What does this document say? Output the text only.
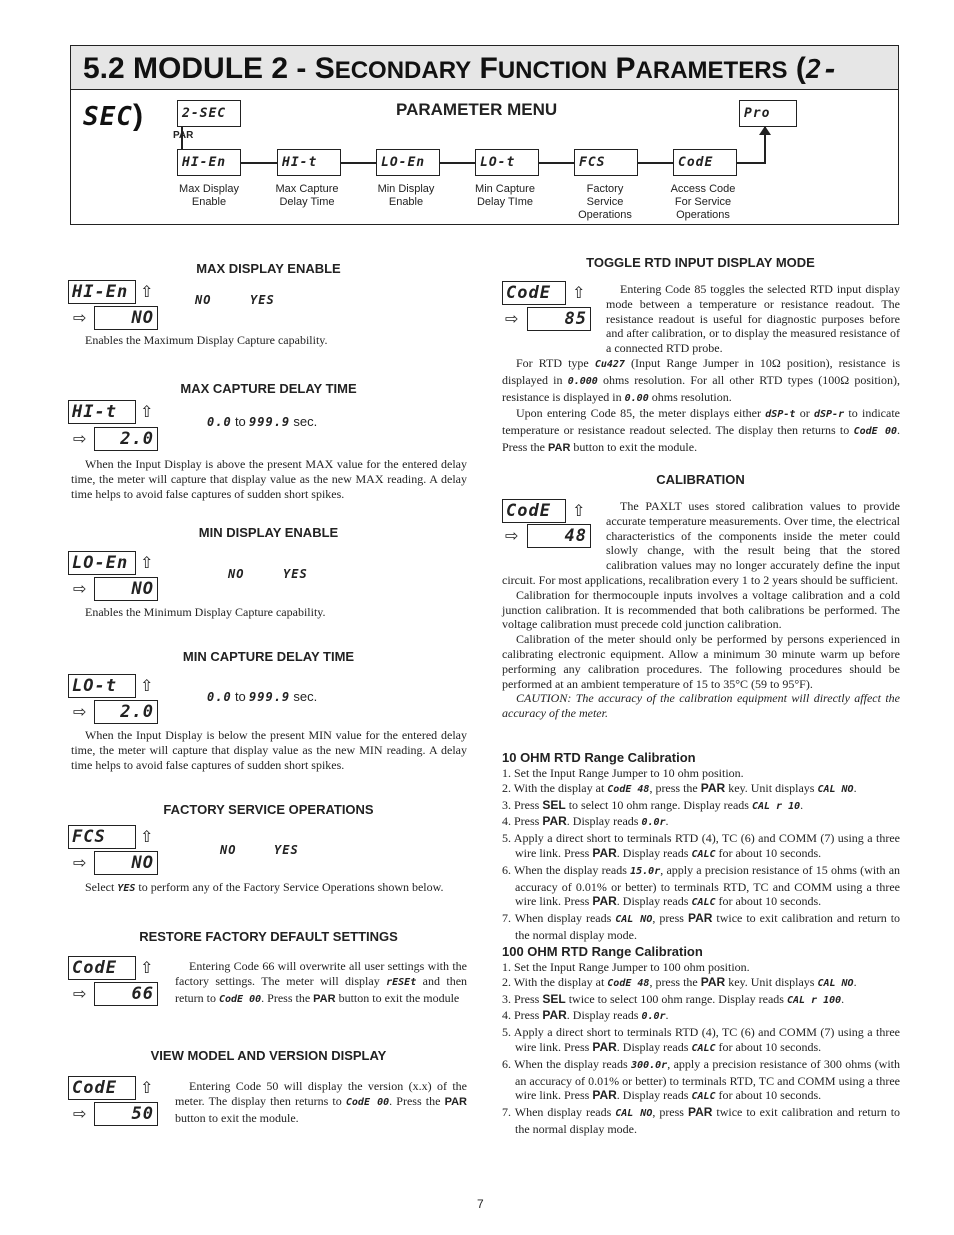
5.2 MODULE 2 - SECONDARY FUNCTION PARAMETERS (2-SEC)	PARAMETER MENU
2-SEC
PAR
Pro
HI-En	HI-t	LO-En	LO-t	FCS	CodE
Max Display
Enable
Max Capture
Delay Time
Min Display
Enable
Min Capture
Delay TIme
Factory
Service
Operations
Access Code
For Service
Operations
MAX DISPLAY ENABLE
HI-En ⇧
⇨	NO
NO	YES
Enables the Maximum Display Capture capability.
MAX CAPTURE DELAY TIME
HI-t	⇧
⇨	2.0
0.0 to 999.9 sec.
When the Input Display is above the present MAX value for the entered delay time, the meter will capture that display value as the new MAX reading. A delay time helps to avoid false captures of sudden short spikes.
MIN DISPLAY ENABLE
LO-En ⇧
⇨	NO
NO	YES
Enables the Minimum Display Capture capability.
MIN CAPTURE DELAY TIME
LO-t	⇧
⇨	2.0
0.0 to 999.9 sec.
When the Input Display is below the present MIN value for the entered delay time, the meter will capture that display value as the new MIN reading. A delay time helps to avoid false captures of sudden short spikes.
FACTORY SERVICE OPERATIONS
FCS	⇧
⇨	NO
NO	YES
Select YES to perform any of the Factory Service Operations shown below.
RESTORE FACTORY DEFAULT SETTINGS
CodE	⇧
⇨	66
Entering Code 66 will overwrite all user settings with the factory settings. The meter will display rESEt and then return to CodE 00. Press the PAR button to exit the module
VIEW MODEL AND VERSION DISPLAY
CodE	⇧
⇨	50
Entering Code 50 will display the version (x.x) of the meter. The display then returns to CodE 00. Press the PAR button to exit the module.
TOGGLE RTD INPUT DISPLAY MODE
CodE	⇧
⇨	85
Entering Code 85 toggles the selected RTD input display mode between a temperature or resistance readout. The resistance readout is useful for diagnostic purposes before and after calibration, or to display the measured resistance of a connected RTD probe.

For RTD type Cu427 (Input Range Jumper in 10Ω position), resistance is displayed in 0.000 ohms resolution. For all other RTD types (100Ω position), resistance is displayed in 0.00 ohms resolution.

Upon entering Code 85, the meter displays either dSP-t or dSP-r to indicate temperature or resistance readout selected. The display then returns to CodE 00. Press the PAR button to exit the module.

CALIBRATION
CodE	⇧
⇨	48

The PAXLT uses stored calibration values to provide accurate temperature measurements. Over time, the electrical characteristics of the components inside the meter could slowly change, with the result being that the stored calibration values may no longer accurately define the input circuit. For most applications, recalibration every 1 to 2 years should be sufficient.

Calibration for thermocouple inputs involves a voltage calibration and a cold junction calibration. It is recommended that both calibrations be performed. The voltage calibration must precede cold junction calibration.

Calibration of the meter should only be performed by persons experienced in calibrating electronic equipment. Allow a minimum 30 minute warm up before performing any calibration procedures. The following procedures should be performed at an ambient temperature of 15 to 35°C (59 to 95°F).

CAUTION: The accuracy of the calibration equipment will directly affect the accuracy of the meter.

10 OHM RTD Range Calibration
1. Set the Input Range Jumper to 10 ohm position.
2. With the display at CodE 48, press the PAR key. Unit displays CAL NO.
3. Press SEL to select 10 ohm range. Display reads CAL r 10.
4. Press PAR. Display reads 0.0r.
5. Apply a direct short to terminals RTD (4), TC (6) and COMM (7) using a three wire link. Press PAR. Display reads CALC for about 10 seconds.
6. When the display reads 15.0r, apply a precision resistance of 15 ohms (with an accuracy of 0.01% or better) to terminals RTD, TC and COMM using a three wire link. Press PAR. Display reads CALC for about 10 seconds.
7. When display reads CAL NO, press PAR twice to exit calibration and return to the normal display mode.
100 OHM RTD Range Calibration
1. Set the Input Range Jumper to 100 ohm position.
2. With the display at CodE 48, press the PAR key. Unit displays CAL NO.
3. Press SEL twice to select 100 ohm range. Display reads CAL r 100.
4. Press PAR. Display reads 0.0r.
5. Apply a direct short to terminals RTD (4), TC (6) and COMM (7) using a three wire link. Press PAR. Display reads CALC for about 10 seconds.
6. When the display reads 300.0r, apply a precision resistance of 300 ohms (with an accuracy of 0.01% or better) to terminals RTD, TC and COMM using a three wire link. Press PAR. Display reads CALC for about 10 seconds.
7. When display reads CAL NO, press PAR twice to exit calibration and return to the normal display mode.
7
